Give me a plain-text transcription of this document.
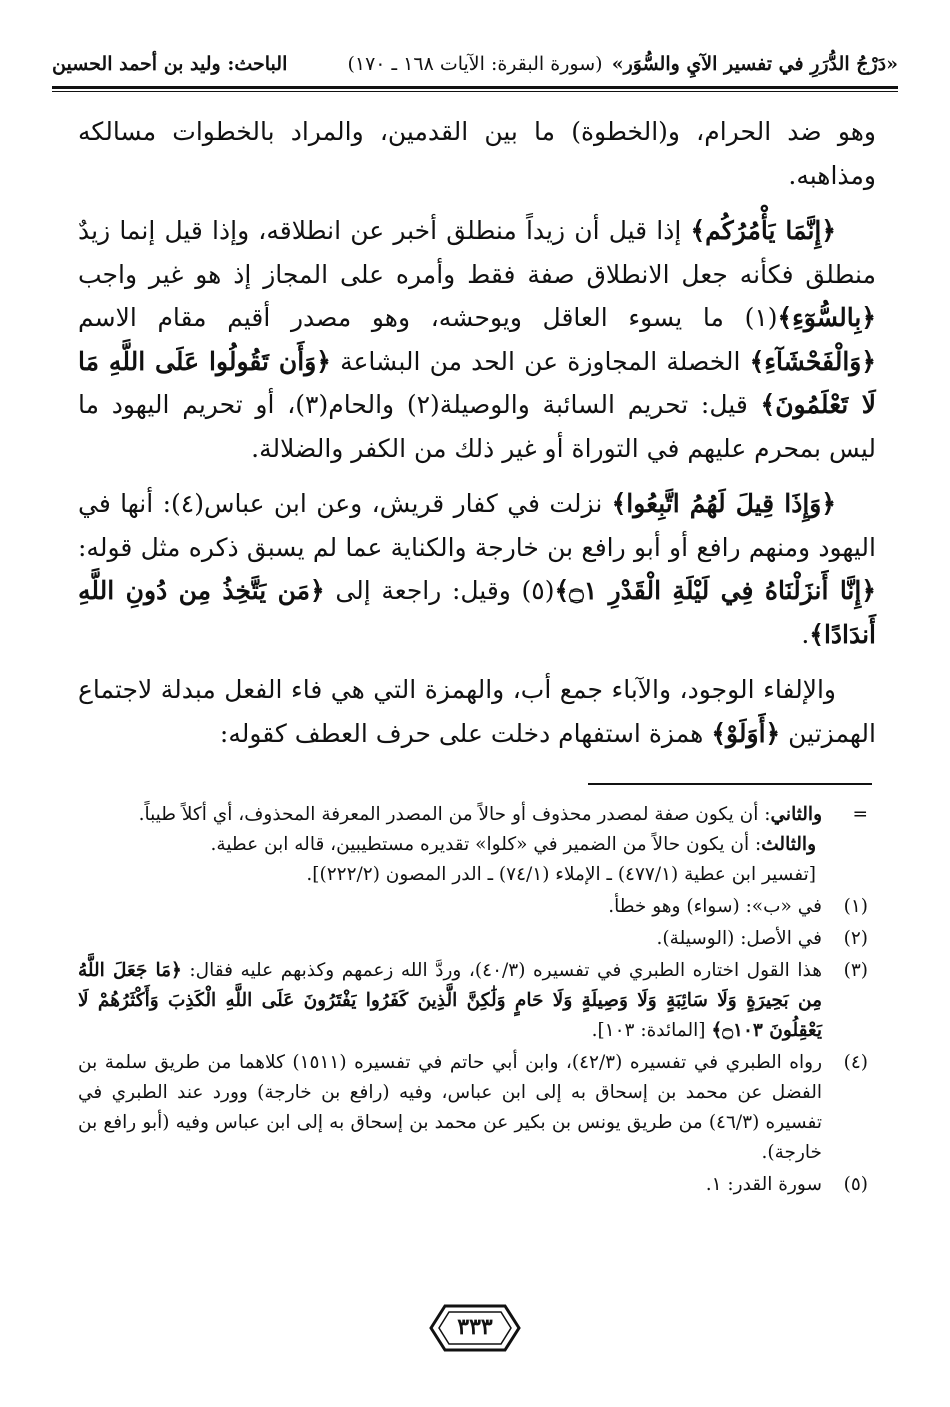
«دَرْجُ الدُّرَرِ في تفسير الآيِ والسُّوَر»
(سورة البقرة: الآيات ١٦٨ ـ ١٧٠)
الباحث: وليد بن أحمد الحسين

وهو ضد الحرام، و(الخطوة) ما بين القدمين، والمراد بالخطوات مسالكه ومذاهبه.

﴿إِنَّمَا يَأْمُرُكُم﴾ إذا قيل أن زيداً منطلق أخبر عن انطلاقه، وإذا قيل إنما زيدٌ منطلق فكأنه جعل الانطلاق صفة فقط وأمره على المجاز إذ هو غير واجب ﴿بِالسُّوٓءِ﴾(١) ما يسوء العاقل ويوحشه، وهو مصدر أقيم مقام الاسم ﴿وَالْفَحْشَآءِ﴾ الخصلة المجاوزة عن الحد من البشاعة ﴿وَأَن تَقُولُوا عَلَى اللَّهِ مَا لَا تَعْلَمُونَ﴾ قيل: تحريم السائبة والوصيلة(٢) والحام(٣)، أو تحريم اليهود ما ليس بمحرم عليهم في التوراة أو غير ذلك من الكفر والضلالة.

﴿وَإِذَا قِيلَ لَهُمُ اتَّبِعُوا﴾ نزلت في كفار قريش، وعن ابن عباس(٤): أنها في اليهود ومنهم رافع أو أبو رافع بن خارجة والكناية عما لم يسبق ذكره مثل قوله: ﴿إِنَّا أَنزَلْنَاهُ فِي لَيْلَةِ الْقَدْرِ ۝١﴾(٥) وقيل: راجعة إلى ﴿مَن يَتَّخِذُ مِن دُونِ اللَّهِ أَندَادًا﴾.

والإلفاء الوجود، والآباء جمع أب، والهمزة التي هي فاء الفعل مبدلة لاجتماع الهمزتين ﴿أَوَلَوْ﴾ همزة استفهام دخلت على حرف العطف كقوله:

=

والثاني: أن يكون صفة لمصدر محذوف أو حالاً من المصدر المعرفة المحذوف، أي أكلاً طيباً.

والثالث: أن يكون حالاً من الضمير في «كلوا» تقديره مستطيبين، قاله ابن عطية.

[تفسير ابن عطية (٤٧٧/١) ـ الإملاء (٧٤/١) ـ الدر المصون (٢٢٢/٢)].

(١)

في «ب»: (سواء) وهو خطأ.

(٢)

في الأصل: (الوسيلة).

(٣)

هذا القول اختاره الطبري في تفسيره (٤٠/٣)، وردَّ الله زعمهم وكذبهم عليه فقال: ﴿مَا جَعَلَ اللَّهُ مِن بَحِيرَةٍ وَلَا سَائِبَةٍ وَلَا وَصِيلَةٍ وَلَا حَامٍ وَلَٰكِنَّ الَّذِينَ كَفَرُوا يَفْتَرُونَ عَلَى اللَّهِ الْكَذِبَ وَأَكْثَرُهُمْ لَا يَعْقِلُونَ ۝١٠٣﴾ [المائدة: ١٠٣].

(٤)

رواه الطبري في تفسيره (٤٢/٣)، وابن أبي حاتم في تفسيره (١٥١١) كلاهما من طريق سلمة بن الفضل عن محمد بن إسحاق به إلى ابن عباس، وفيه (رافع بن خارجة) وورد عند الطبري في تفسيره (٤٦/٣) من طريق يونس بن بكير عن محمد بن إسحاق به إلى ابن عباس وفيه (أبو رافع بن خارجة).

(٥)

سورة القدر: ١.

٣٣٣
